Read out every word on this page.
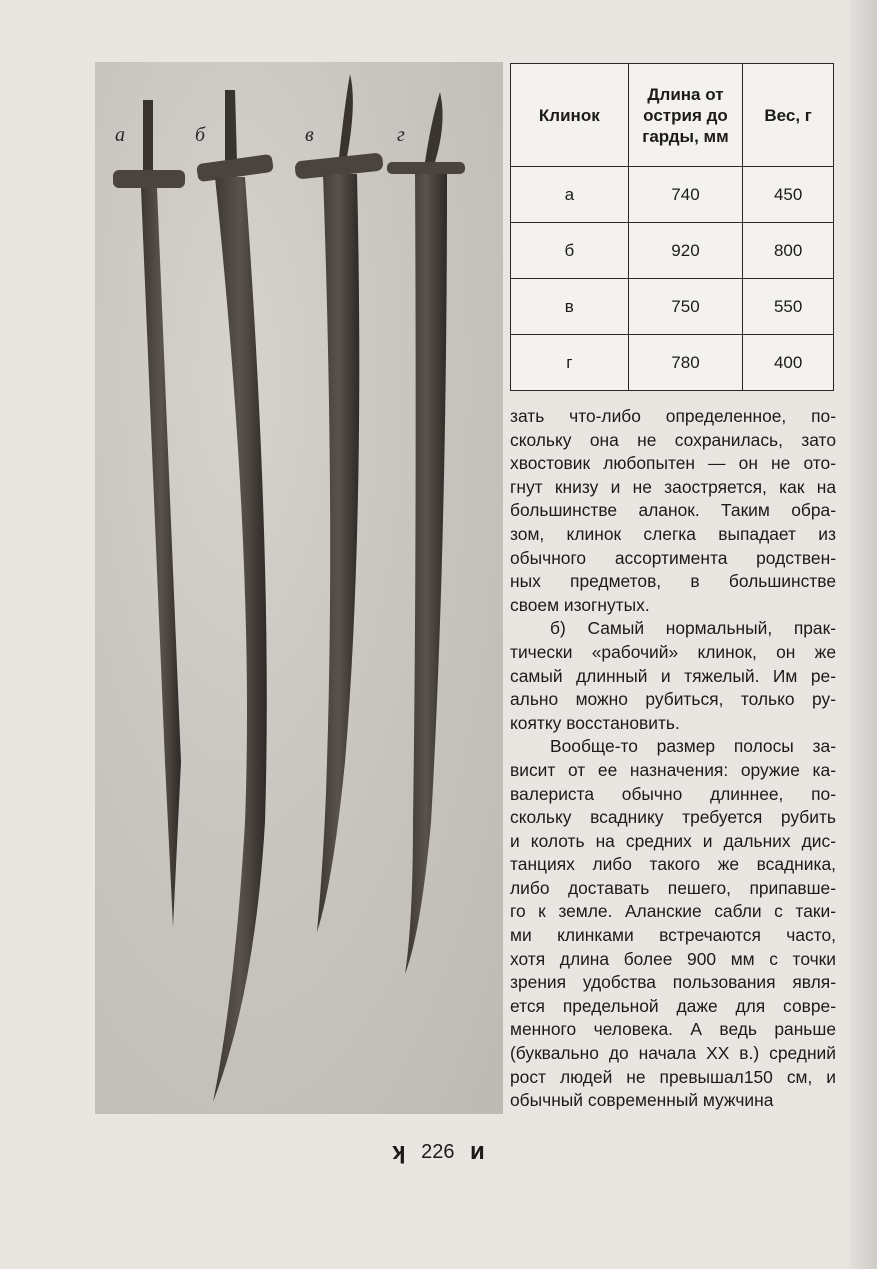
а	б	в	г
Клинок	Длина от острия до гарды, мм	Вес, г
а	740	450
б	920	800
в	750	550
г	780	400
зать что-либо определенное, по-
скольку она не сохранилась, зато
хвостовик любопытен — он не ото-
гнут книзу и не заостряется, как на
большинстве аланок. Таким обра-
зом, клинок слегка выпадает из
обычного ассортимента родствен-
ных предметов, в большинстве
своем изогнутых.
б) Самый нормальный, прак-
тически «рабочий» клинок, он же
самый длинный и тяжелый. Им ре-
ально можно рубиться, только ру-
коятку восстановить.
Вообще-то размер полосы за-
висит от ее назначения: оружие ка-
валериста обычно длиннее, по-
скольку всаднику требуется рубить
и колоть на средних и дальних дис-
танциях либо такого же всадника,
либо доставать пешего, припавше-
го к земле. Аланские сабли с таки-
ми клинками встречаются часто,
хотя длина более 900 мм с точки
зрения удобства пользования явля-
ется предельной даже для совре-
менного человека. А ведь раньше
(буквально до начала XX в.) средний
рост людей не превышал150 см, и
обычный современный мужчина
ʞ 226 ᴎ
